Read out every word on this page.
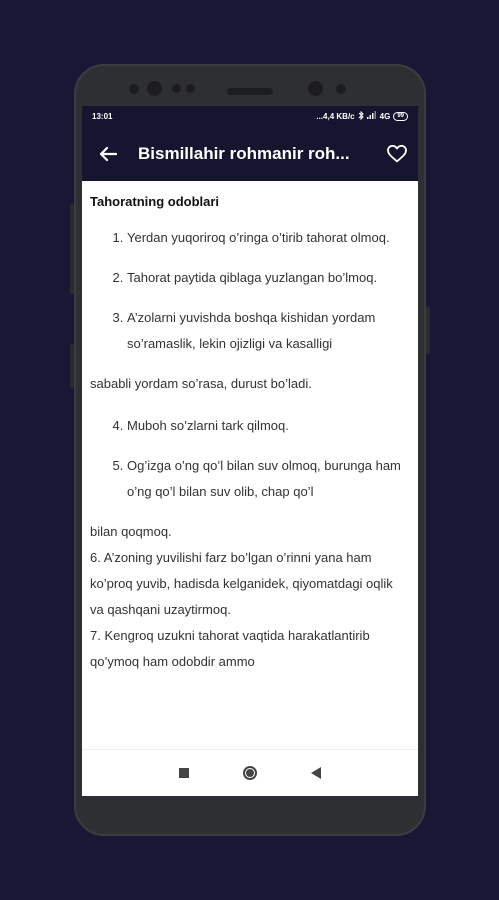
13:01	...4,4 KB/c	4G	99
Bismillahir rohmanir roh...
Tahoratning odoblari
1. Yerdan yuqoriroq o’ringa o’tirib tahorat olmoq.
2. Tahorat paytida qiblaga yuzlangan bo’lmoq.
3. A’zolarni yuvishda boshqa kishidan yordam so’ramaslik, lekin ojizligi va kasalligi

sababli yordam so’rasa, durust bo’ladi.

4. Muboh so’zlarni tark qilmoq.
5. Og’izga o’ng qo’l bilan suv olmoq, burunga ham o’ng qo’l bilan suv olib, chap qo’l

bilan qoqmoq.

6. A’zoning yuvilishi farz bo’lgan o’rinni yana ham ko’proq yuvib, hadisda kelganidek, qiyomatdagi oqlik va qashqani uzaytirmoq.

7. Kengroq uzukni tahorat vaqtida harakatlantirib qo’ymoq ham odobdir ammo
